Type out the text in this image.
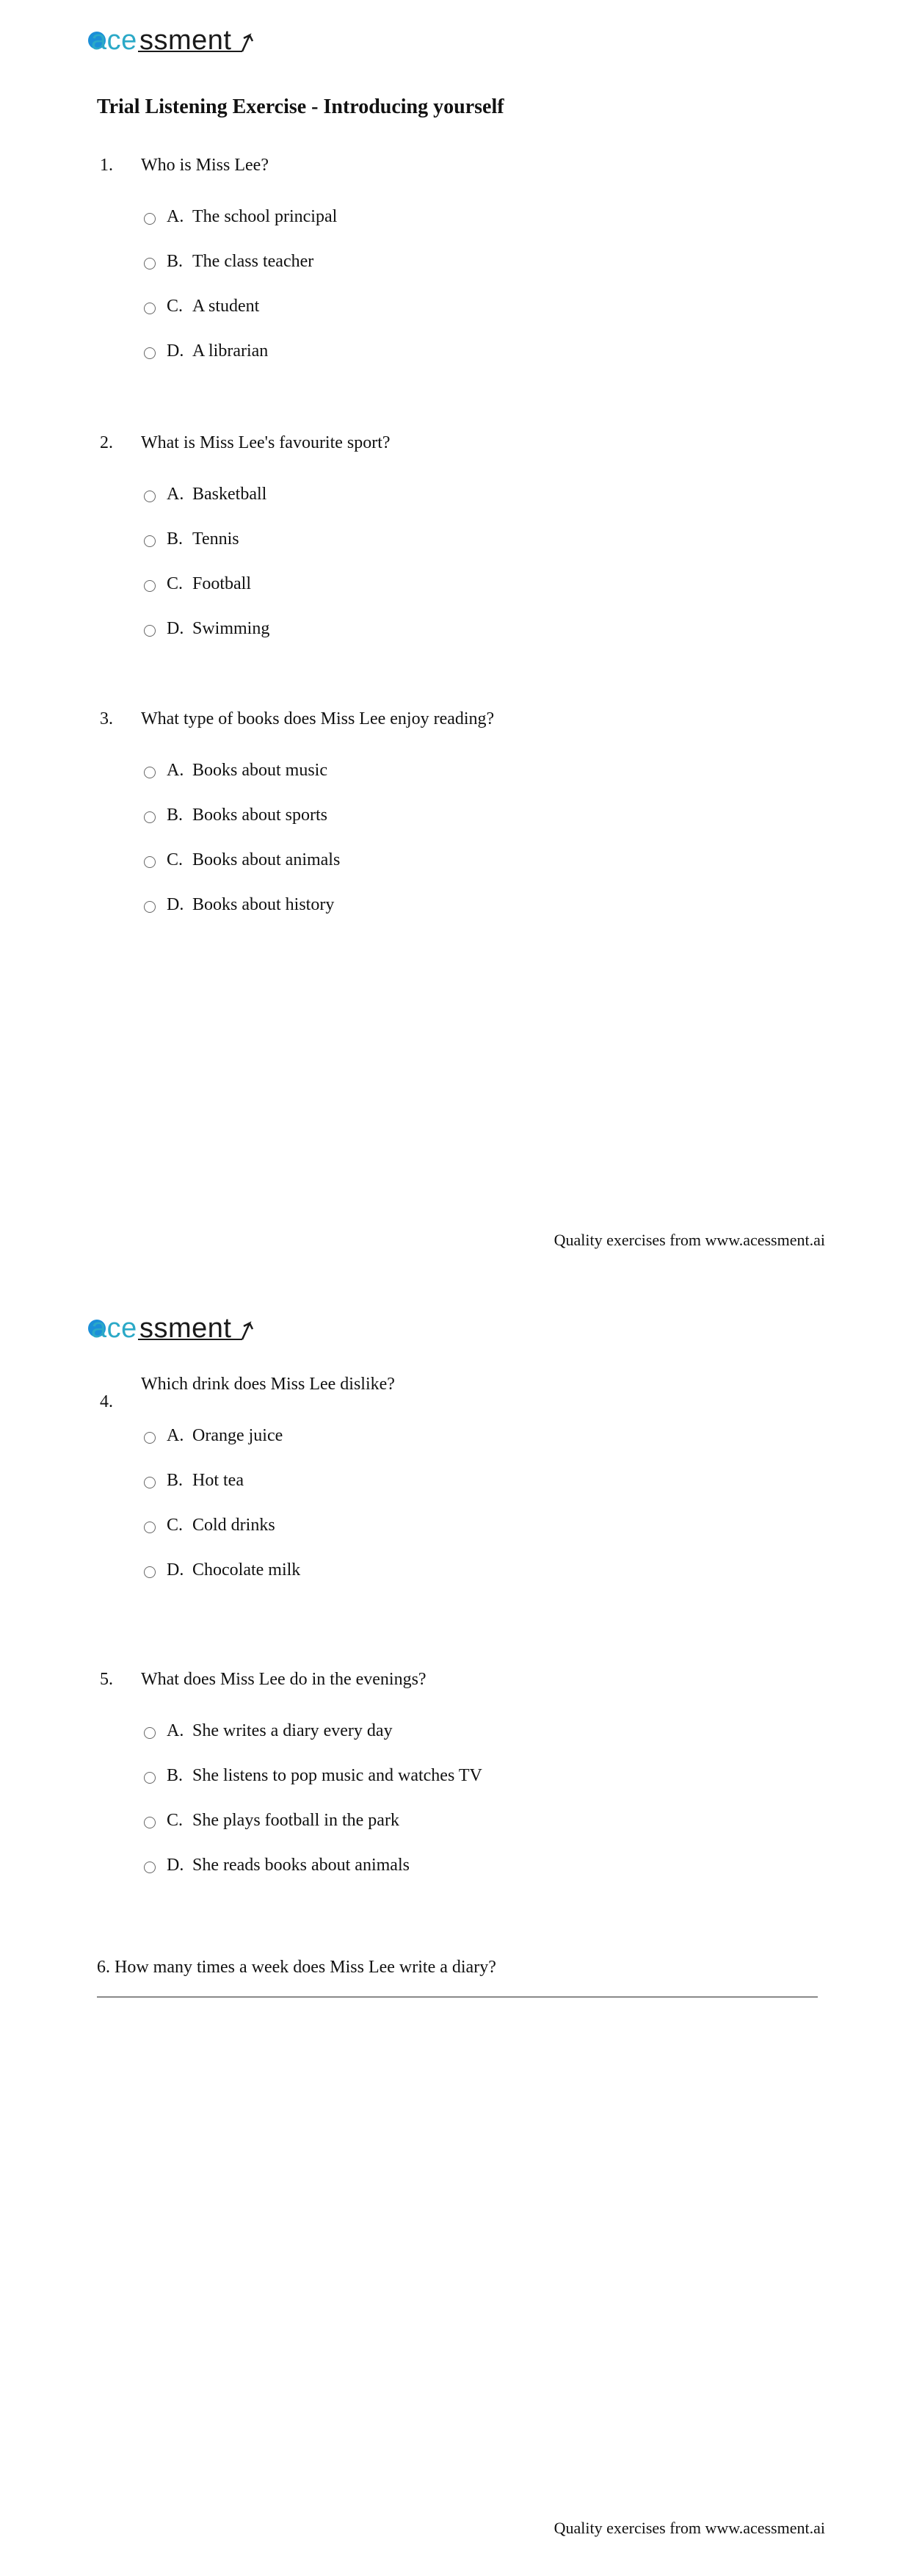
ace ssment
Trial Listening Exercise - Introducing yourself
1. Who is Miss Lee?
A. The school principal
B. The class teacher
C. A student
D. A librarian
2. What is Miss Lee's favourite sport?
A. Basketball
B. Tennis
C. Football
D. Swimming
3. What type of books does Miss Lee enjoy reading?
A. Books about music
B. Books about sports
C. Books about animals
D. Books about history
Quality exercises from www.acessment.ai
ace ssment
4.
Which drink does Miss Lee dislike?
A. Orange juice
B. Hot tea
C. Cold drinks
D. Chocolate milk
5. What does Miss Lee do in the evenings?
A. She writes a diary every day
B. She listens to pop music and watches TV
C. She plays football in the park
D. She reads books about animals
6. How many times a week does Miss Lee write a diary?
Quality exercises from www.acessment.ai
